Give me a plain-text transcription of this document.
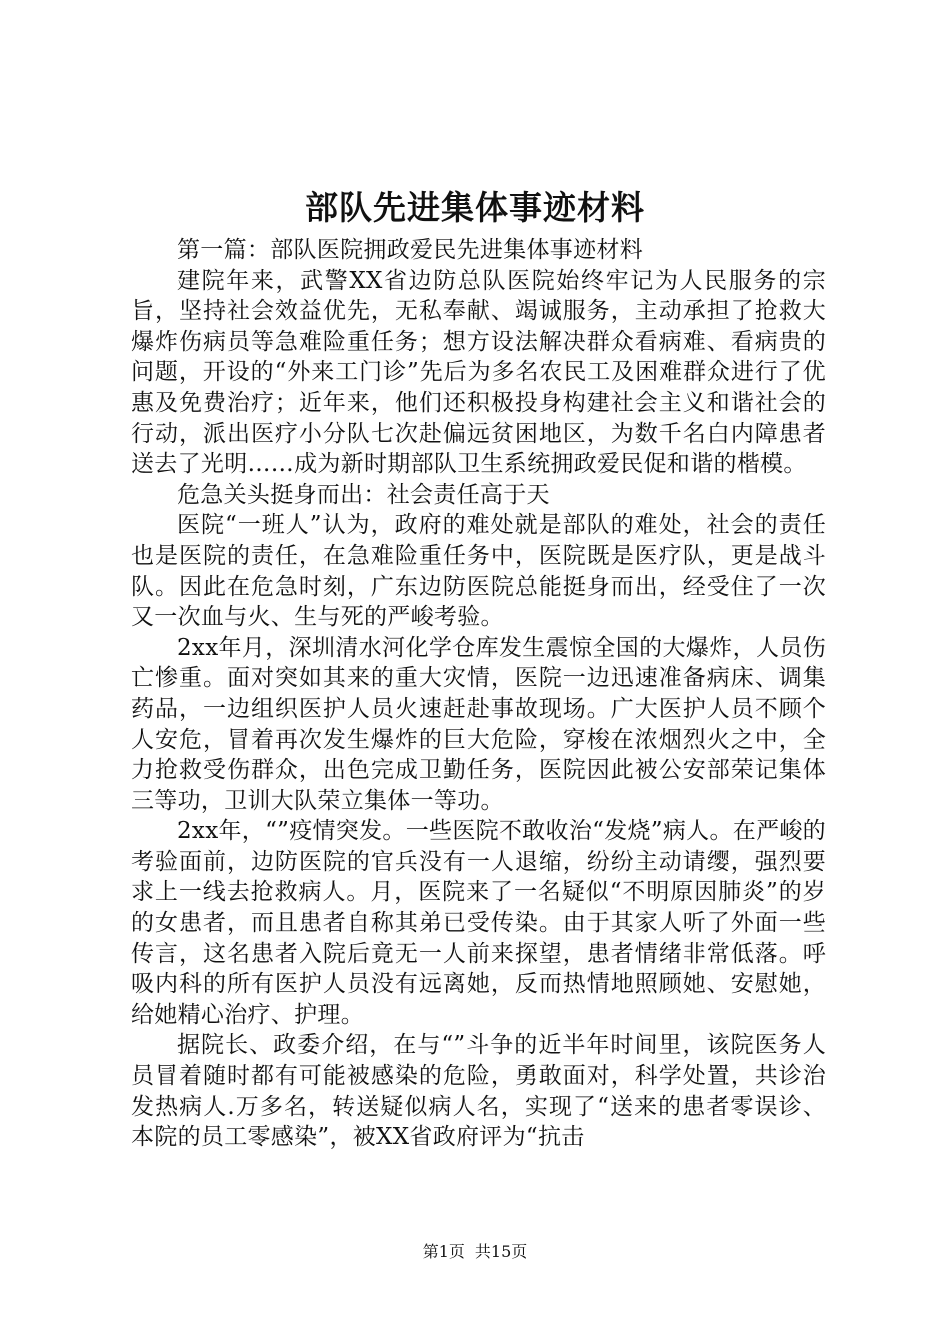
部队先进集体事迹材料

第一篇：部队医院拥政爱民先进集体事迹材料

建院年来，武警XX省边防总队医院始终牢记为人民服务的宗旨，坚持社会效益优先，无私奉献、竭诚服务，主动承担了抢救大爆炸伤病员等急难险重任务；想方设法解决群众看病难、看病贵的问题，开设的“外来工门诊”先后为多名农民工及困难群众进行了优惠及免费治疗；近年来，他们还积极投身构建社会主义和谐社会的行动，派出医疗小分队七次赴偏远贫困地区，为数千名白内障患者送去了光明……成为新时期部队卫生系统拥政爱民促和谐的楷模。

危急关头挺身而出：社会责任高于天

医院“一班人”认为，政府的难处就是部队的难处，社会的责任也是医院的责任，在急难险重任务中，医院既是医疗队，更是战斗队。因此在危急时刻，广东边防医院总能挺身而出，经受住了一次又一次血与火、生与死的严峻考验。

2xx年月，深圳清水河化学仓库发生震惊全国的大爆炸，人员伤亡惨重。面对突如其来的重大灾情，医院一边迅速准备病床、调集药品，一边组织医护人员火速赶赴事故现场。广大医护人员不顾个人安危，冒着再次发生爆炸的巨大危险，穿梭在浓烟烈火之中，全力抢救受伤群众，出色完成卫勤任务，医院因此被公安部荣记集体三等功，卫训大队荣立集体一等功。

2xx年，“”疫情突发。一些医院不敢收治“发烧”病人。在严峻的考验面前，边防医院的官兵没有一人退缩，纷纷主动请缨，强烈要求上一线去抢救病人。月，医院来了一名疑似“不明原因肺炎”的岁的女患者，而且患者自称其弟已受传染。由于其家人听了外面一些传言，这名患者入院后竟无一人前来探望，患者情绪非常低落。呼吸内科的所有医护人员没有远离她，反而热情地照顾她、安慰她，给她精心治疗、护理。

据院长、政委介绍，在与“”斗争的近半年时间里，该院医务人员冒着随时都有可能被感染的危险，勇敢面对，科学处置，共诊治发热病人.万多名，转送疑似病人名，实现了“送来的患者零误诊、本院的员工零感染”，被XX省政府评为“抗击

第1页 共15页
